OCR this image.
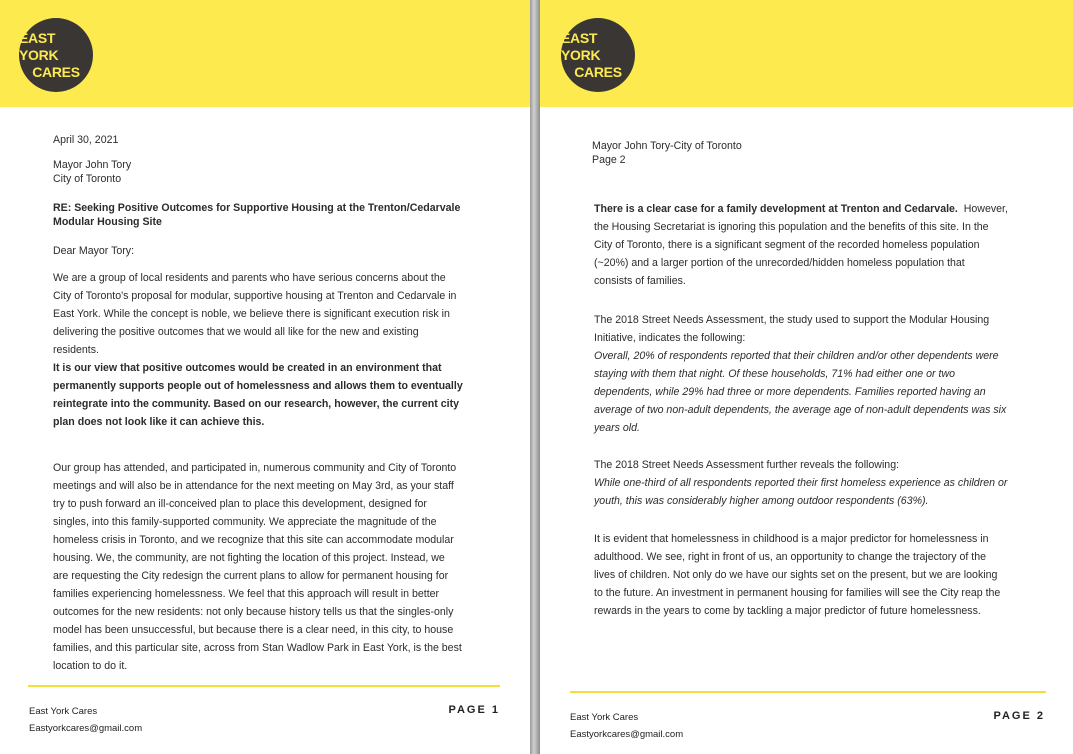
EAST YORK
CARES
April 30, 2021

Mayor John Tory

City of Toronto

RE: Seeking Positive Outcomes for Supportive Housing at the Trenton/Cedarvale

Modular Housing Site

Dear Mayor Tory:

We are a group of local residents and parents who have serious concerns about the

City of Toronto's proposal for modular, supportive housing at Trenton and Cedarvale in

East York. While the concept is noble, we believe there is significant execution risk in

delivering the positive outcomes that we would all like for the new and existing

residents.

It is our view that positive outcomes would be created in an environment that

permanently supports people out of homelessness and allows them to eventually

reintegrate into the community. Based on our research, however, the current city

plan does not look like it can achieve this.

Our group has attended, and participated in, numerous community and City of Toronto

meetings and will also be in attendance for the next meeting on May 3rd, as your staff

try to push forward an ill-conceived plan to place this development, designed for

singles, into this family-supported community. We appreciate the magnitude of the

homeless crisis in Toronto, and we recognize that this site can accommodate modular

housing. We, the community, are not fighting the location of this project. Instead, we

are requesting the City redesign the current plans to allow for permanent housing for

families experiencing homelessness. We feel that this approach will result in better

outcomes for the new residents: not only because history tells us that the singles-only

model has been unsuccessful, but because there is a clear need, in this city, to house

families, and this particular site, across from Stan Wadlow Park in East York, is the best

location to do it.

East York Cares
Eastyorkcares@gmail.com
PAGE 1
EAST YORK
CARES

Mayor John Tory-City of Toronto

Page 2

There is a clear case for a family development at Trenton and Cedarvale.  However,

the Housing Secretariat is ignoring this population and the benefits of this site. In the

City of Toronto, there is a significant segment of the recorded homeless population

(~20%) and a larger portion of the unrecorded/hidden homeless population that

consists of families.

The 2018 Street Needs Assessment, the study used to support the Modular Housing

Initiative, indicates the following:

Overall, 20% of respondents reported that their children and/or other dependents were

staying with them that night. Of these households, 71% had either one or two

dependents, while 29% had three or more dependents. Families reported having an

average of two non-adult dependents, the average age of non-adult dependents was six

years old.

The 2018 Street Needs Assessment further reveals the following:

While one-third of all respondents reported their first homeless experience as children or

youth, this was considerably higher among outdoor respondents (63%).

It is evident that homelessness in childhood is a major predictor for homelessness in

adulthood. We see, right in front of us, an opportunity to change the trajectory of the

lives of children. Not only do we have our sights set on the present, but we are looking

to the future. An investment in permanent housing for families will see the City reap the

rewards in the years to come by tackling a major predictor of future homelessness.

East York Cares
Eastyorkcares@gmail.com
PAGE 2
